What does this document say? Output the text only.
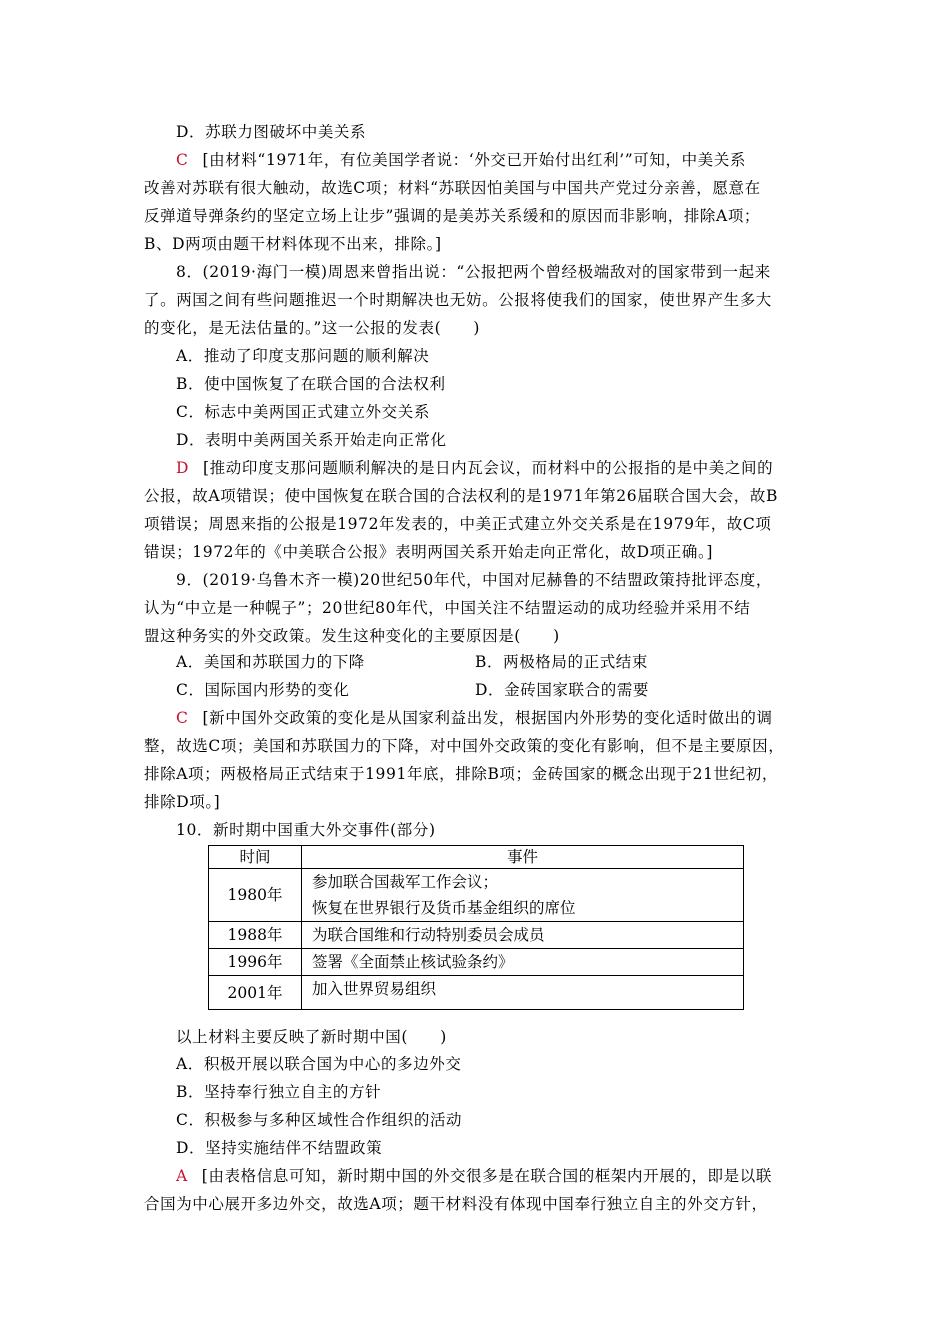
D．苏联力图破坏中美关系
C [由材料“1971年，有位美国学者说：‘外交已开始付出红利’”可知，中美关系
改善对苏联有很大触动，故选C项；材料“苏联因怕美国与中国共产党过分亲善，愿意在
反弹道导弹条约的坚定立场上让步”强调的是美苏关系缓和的原因而非影响，排除A项；
B、D两项由题干材料体现不出来，排除。]
8．(2019·海门一模)周恩来曾指出说：“公报把两个曾经极端敌对的国家带到一起来
了。两国之间有些问题推迟一个时期解决也无妨。公报将使我们的国家，使世界产生多大
的变化，是无法估量的。”这一公报的发表(　　)
A．推动了印度支那问题的顺利解决
B．使中国恢复了在联合国的合法权利
C．标志中美两国正式建立外交关系
D．表明中美两国关系开始走向正常化
D [推动印度支那问题顺利解决的是日内瓦会议，而材料中的公报指的是中美之间的
公报，故A项错误；使中国恢复在联合国的合法权利的是1971年第26届联合国大会，故B
项错误；周恩来指的公报是1972年发表的，中美正式建立外交关系是在1979年，故C项
错误；1972年的《中美联合公报》表明两国关系开始走向正常化，故D项正确。]
9．(2019·乌鲁木齐一模)20世纪50年代，中国对尼赫鲁的不结盟政策持批评态度，
认为“中立是一种幌子”；20世纪80年代，中国关注不结盟运动的成功经验并采用不结
盟这种务实的外交政策。发生这种变化的主要原因是(　　)
A．美国和苏联国力的下降	B．两极格局的正式结束
C．国际国内形势的变化	D．金砖国家联合的需要
C [新中国外交政策的变化是从国家利益出发，根据国内外形势的变化适时做出的调
整，故选C项；美国和苏联国力的下降，对中国外交政策的变化有影响，但不是主要原因，
排除A项；两极格局正式结束于1991年底，排除B项；金砖国家的概念出现于21世纪初，
排除D项。]
10．新时期中国重大外交事件(部分)
时间	事件
1980年	参加联合国裁军工作会议；
恢复在世界银行及货币基金组织的席位

1988年	为联合国维和行动特别委员会成员
1996年	签署《全面禁止核试验条约》
2001年	加入世界贸易组织
以上材料主要反映了新时期中国(　　)
A．积极开展以联合国为中心的多边外交
B．坚持奉行独立自主的方针
C．积极参与多种区域性合作组织的活动
D．坚持实施结伴不结盟政策
A [由表格信息可知，新时期中国的外交很多是在联合国的框架内开展的，即是以联
合国为中心展开多边外交，故选A项；题干材料没有体现中国奉行独立自主的外交方针，
